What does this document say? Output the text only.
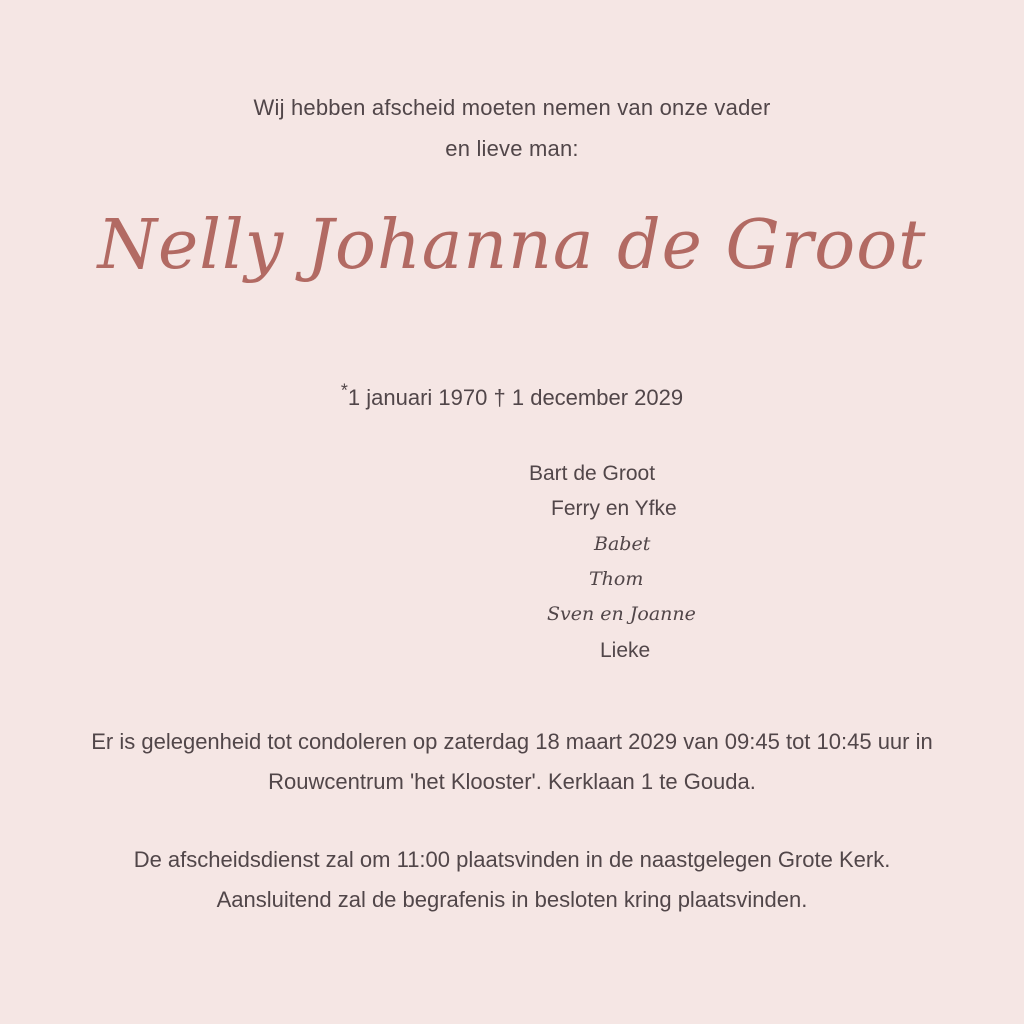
Wij hebben afscheid moeten nemen van onze vader
en lieve man:
Nelly Johanna de Groot
*1 januari 1970 † 1 december 2029
Bart de Groot
Ferry en Yfke
Babet
Thom
Sven en Joanne
Lieke
Er is gelegenheid tot condoleren op zaterdag 18 maart 2029 van 09:45 tot 10:45 uur in
Rouwcentrum 'het Klooster'. Kerklaan 1 te Gouda.
De afscheidsdienst zal om 11:00 plaatsvinden in de naastgelegen Grote Kerk.
Aansluitend zal de begrafenis in besloten kring plaatsvinden.
